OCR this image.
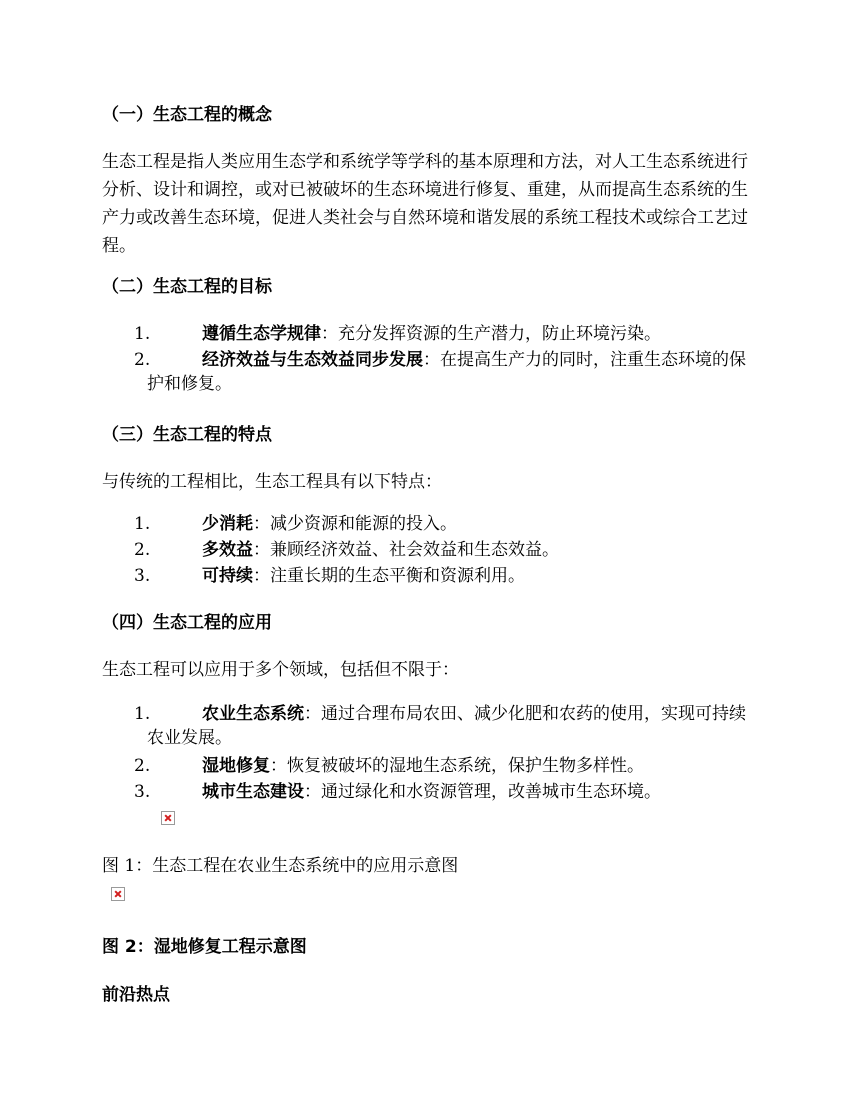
（一）生态工程的概念
生态工程是指人类应用生态学和系统学等学科的基本原理和方法，对人工生态系统进行分析、设计和调控，或对已被破坏的生态环境进行修复、重建，从而提高生态系统的生产力或改善生态环境，促进人类社会与自然环境和谐发展的系统工程技术或综合工艺过程。
（二）生态工程的目标
1.	遵循生态学规律：充分发挥资源的生产潜力，防止环境污染。
2.	经济效益与生态效益同步发展：在提高生产力的同时，注重生态环境的保护和修复。
（三）生态工程的特点
与传统的工程相比，生态工程具有以下特点：
1.	少消耗：减少资源和能源的投入。
2.	多效益：兼顾经济效益、社会效益和生态效益。
3.	可持续：注重长期的生态平衡和资源利用。
（四）生态工程的应用
生态工程可以应用于多个领域，包括但不限于：
1.	农业生态系统：通过合理布局农田、减少化肥和农药的使用，实现可持续农业发展。
2.	湿地修复：恢复被破坏的湿地生态系统，保护生物多样性。
3.	城市生态建设：通过绿化和水资源管理，改善城市生态环境。
图 1：生态工程在农业生态系统中的应用示意图
图 2：湿地修复工程示意图
前沿热点
